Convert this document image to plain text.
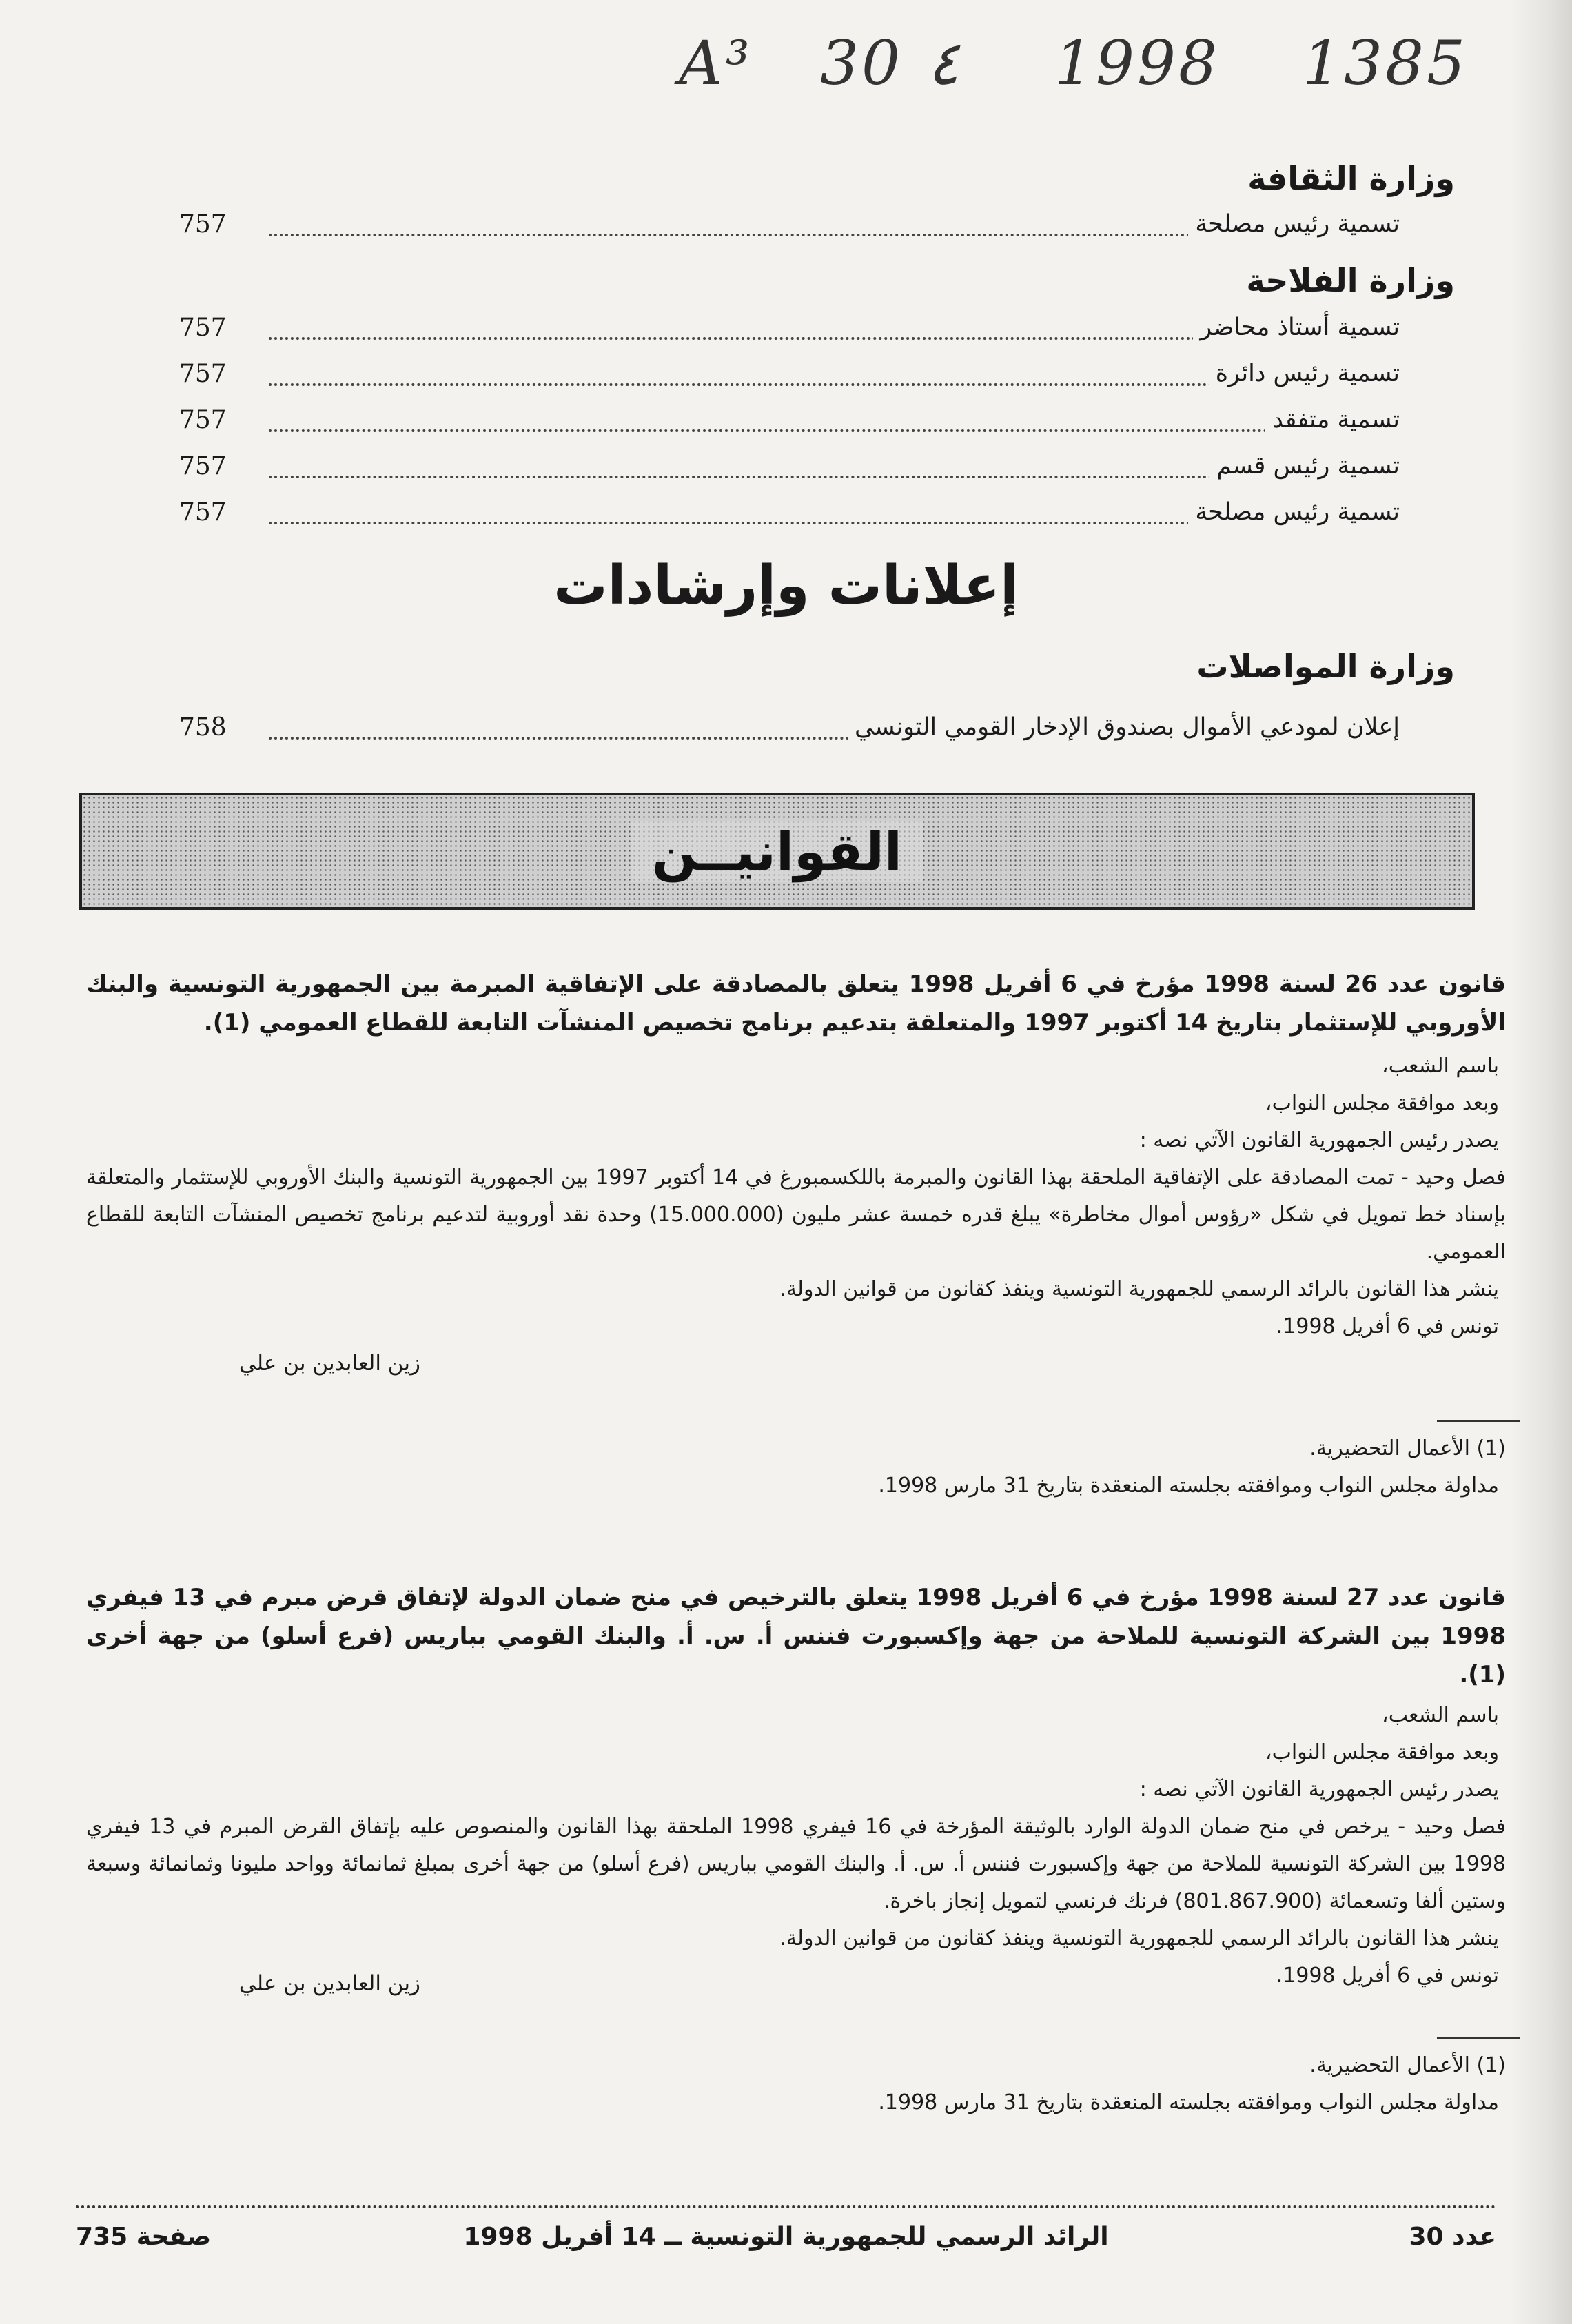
A³ 30 ٤ 1998 1385
وزارة الثقافة
تسمية رئيس مصلحة
757
وزارة الفلاحة
تسمية أستاذ محاضر
757
تسمية رئيس دائرة
757
تسمية متفقد
757
تسمية رئيس قسم
757
تسمية رئيس مصلحة
757
إعلانات وإرشادات
وزارة المواصلات
إعلان لمودعي الأموال بصندوق الإدخار القومي التونسي
758
القوانيــن
قانون عدد 26 لسنة 1998 مؤرخ في 6 أفريل 1998 يتعلق بالمصادقة على الإتفاقية المبرمة بين الجمهورية التونسية والبنك الأوروبي للإستثمار بتاريخ 14 أكتوبر 1997 والمتعلقة بتدعيم برنامج تخصيص المنشآت التابعة للقطاع العمومي (1).
باسم الشعب،
وبعد موافقة مجلس النواب،
يصدر رئيس الجمهورية القانون الآتي نصه :
فصل وحيد - تمت المصادقة على الإتفاقية الملحقة بهذا القانون والمبرمة باللكسمبورغ في 14 أكتوبر 1997 بين الجمهورية التونسية والبنك الأوروبي للإستثمار والمتعلقة بإسناد خط تمويل في شكل «رؤوس أموال مخاطرة» يبلغ قدره خمسة عشر مليون (15.000.000) وحدة نقد أوروبية لتدعيم برنامج تخصيص المنشآت التابعة للقطاع العمومي.
ينشر هذا القانون بالرائد الرسمي للجمهورية التونسية وينفذ كقانون من قوانين الدولة.
تونس في 6 أفريل 1998.
زين العابدين بن علي
(1) الأعمال التحضيرية.
مداولة مجلس النواب وموافقته بجلسته المنعقدة بتاريخ 31 مارس 1998.
قانون عدد 27 لسنة 1998 مؤرخ في 6 أفريل 1998 يتعلق بالترخيص في منح ضمان الدولة لإتفاق قرض مبرم في 13 فيفري 1998 بين الشركة التونسية للملاحة من جهة وإكسبورت فننس أ. س. أ. والبنك القومي بباريس (فرع أسلو) من جهة أخرى (1).
باسم الشعب،
وبعد موافقة مجلس النواب،
يصدر رئيس الجمهورية القانون الآتي نصه :
فصل وحيد - يرخص في منح ضمان الدولة الوارد بالوثيقة المؤرخة في 16 فيفري 1998 الملحقة بهذا القانون والمنصوص عليه بإتفاق القرض المبرم في 13 فيفري 1998 بين الشركة التونسية للملاحة من جهة وإكسبورت فننس أ. س. أ. والبنك القومي بباريس (فرع أسلو) من جهة أخرى بمبلغ ثمانمائة وواحد مليونا وثمانمائة وسبعة وستين ألفا وتسعمائة (801.867.900) فرنك فرنسي لتمويل إنجاز باخرة.
ينشر هذا القانون بالرائد الرسمي للجمهورية التونسية وينفذ كقانون من قوانين الدولة.
تونس في 6 أفريل 1998.
زين العابدين بن علي
(1) الأعمال التحضيرية.
مداولة مجلس النواب وموافقته بجلسته المنعقدة بتاريخ 31 مارس 1998.
صفحة 735	الرائد الرسمي للجمهورية التونسية ــ 14 أفريل 1998	عدد 30
